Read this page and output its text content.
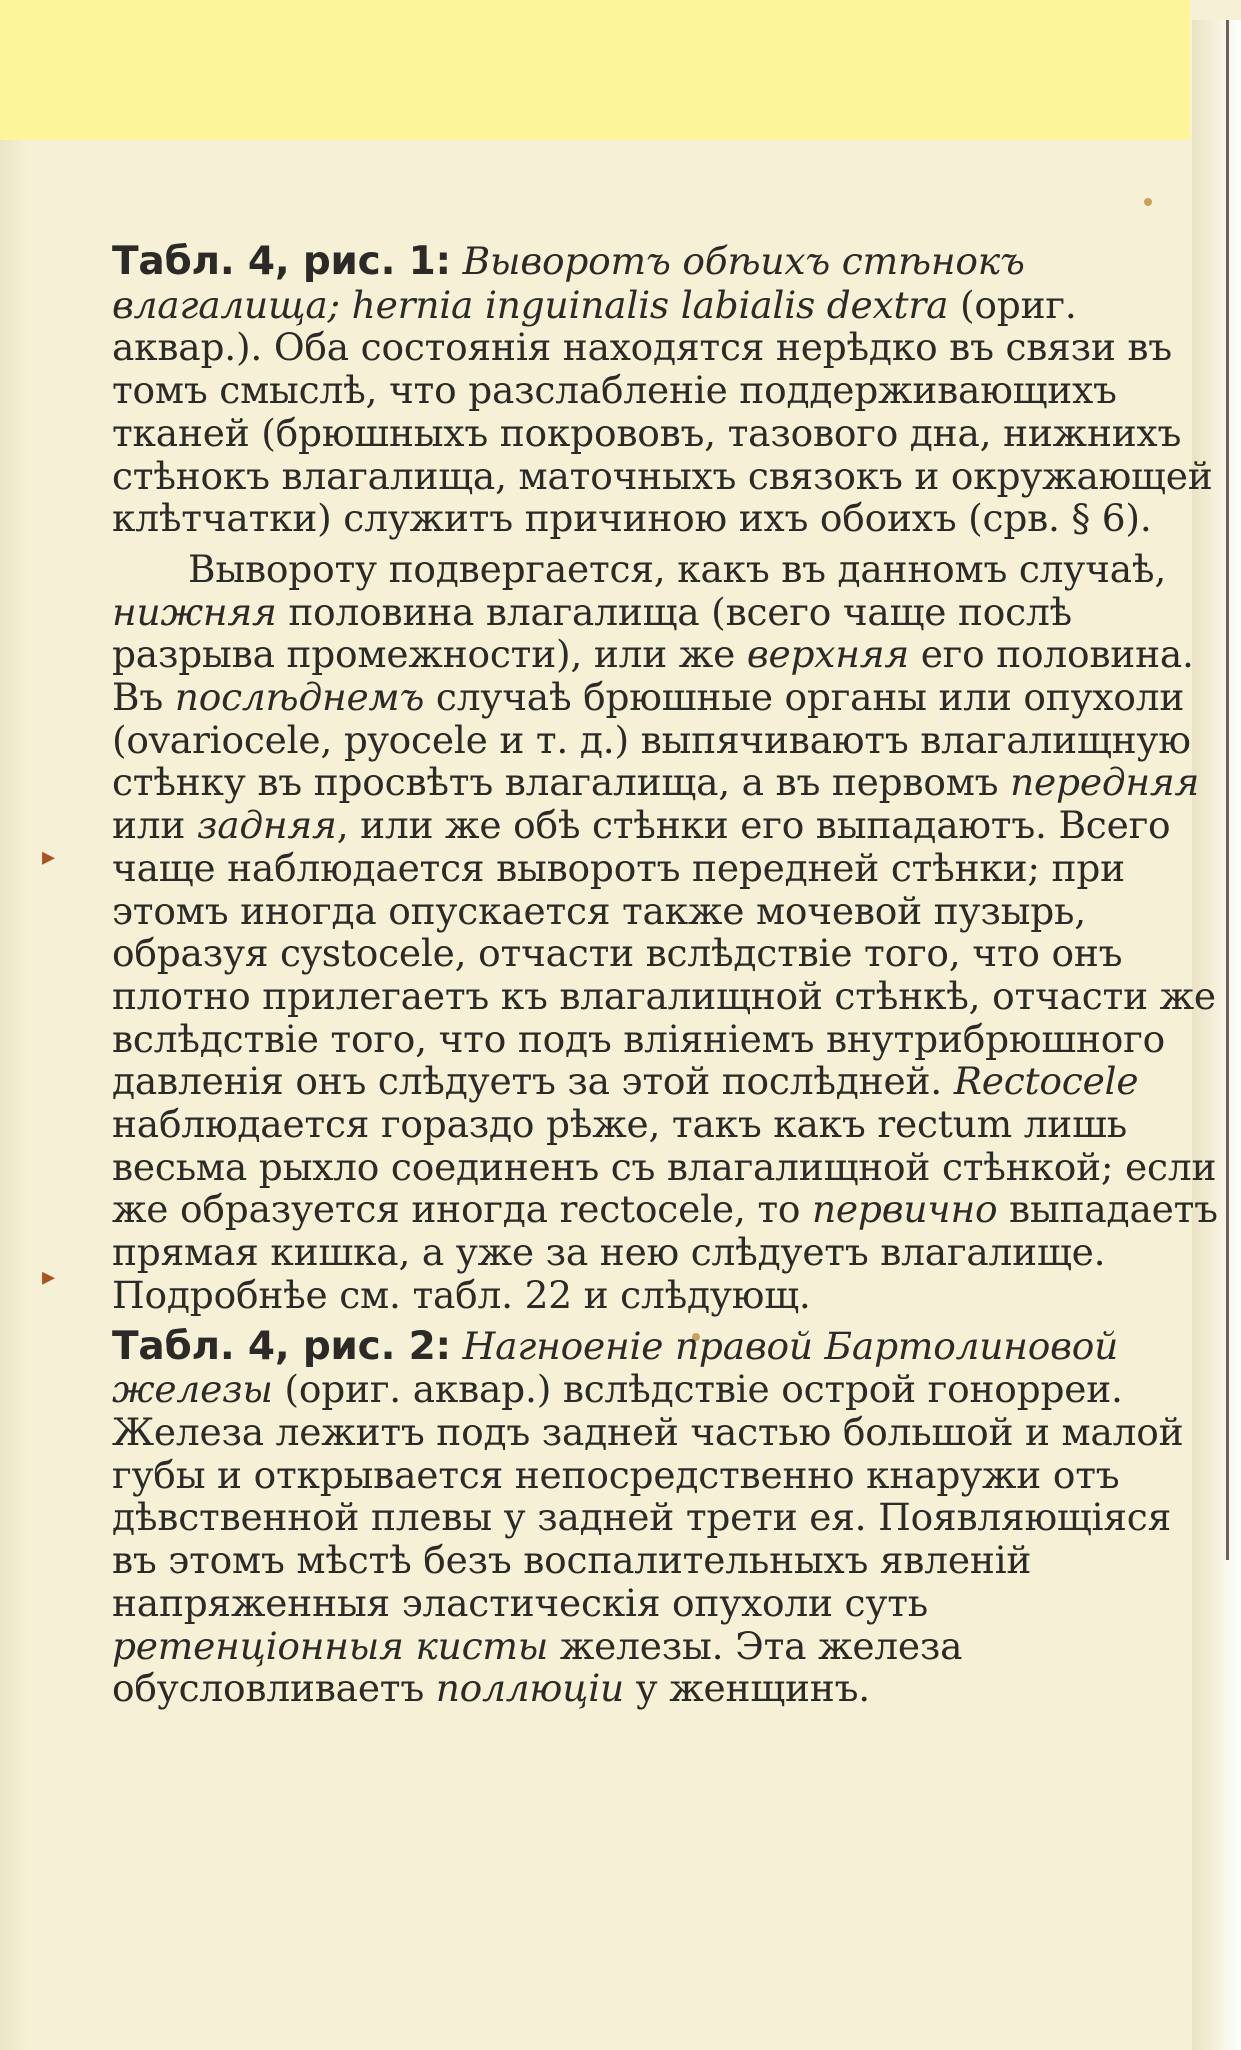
▸
▸

Табл. 4, рис. 1: Выворотъ обѣихъ стѣнокъ влагалища; hernia inguinalis labialis dextra (ориг. аквар.). Оба состоянія находятся нерѣдко въ связи въ томъ смыслѣ, что разслабленіе поддерживающихъ тканей (брюшныхъ покрововъ, тазового дна, нижнихъ стѣнокъ влагалища, маточныхъ связокъ и окружающей клѣтчатки) служитъ причиною ихъ обоихъ (срв. § 6).

Вывороту подвергается, какъ въ данномъ случаѣ, нижняя половина влагалища (всего чаще послѣ разрыва промежности), или же верхняя его половина. Въ послѣднемъ случаѣ брюшные органы или опухоли (ovariocele, pyocele и т. д.) выпячиваютъ влагалищную стѣнку въ просвѣтъ влагалища, а въ первомъ передняя или задняя, или же обѣ стѣнки его выпадаютъ. Всего чаще наблюдается выворотъ передней стѣнки; при этомъ иногда опускается также мочевой пузырь, образуя cystocele, отчасти вслѣдствіе того, что онъ плотно прилегаетъ къ влагалищной стѣнкѣ, отчасти же вслѣдствіе того, что подъ вліяніемъ внутрибрюшного давленія онъ слѣдуетъ за этой послѣдней. Rectocele наблюдается гораздо рѣже, такъ какъ rectum лишь весьма рыхло соединенъ съ влагалищной стѣнкой; если же образуется иногда rectocele, то первично выпадаетъ прямая кишка, а уже за нею слѣдуетъ влагалище. Подробнѣе см. табл. 22 и слѣдующ.

Табл. 4, рис. 2: Нагноеніе правой Бартолиновой железы (ориг. аквар.) вслѣдствіе острой гонорреи. Железа лежитъ подъ задней частью большой и малой губы и открывается непосредственно кнаружи отъ дѣвственной плевы у задней трети ея. Появляющіяся въ этомъ мѣстѣ безъ воспалительныхъ явленій напряженныя эластическія опухоли суть ретенціонныя кисты железы. Эта железа обусловливаетъ поллюціи у женщинъ.
